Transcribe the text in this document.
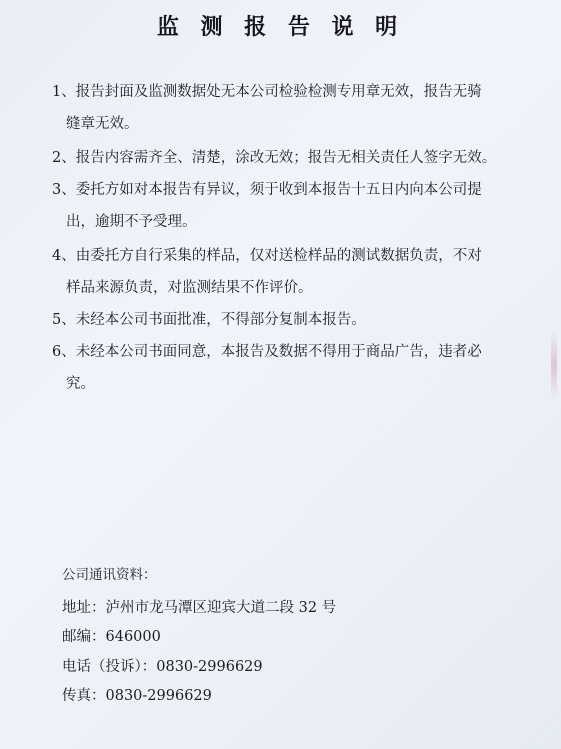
监 测 报 告 说 明
1、报告封面及监测数据处无本公司检验检测专用章无效，报告无骑
缝章无效。
2、报告内容需齐全、清楚，涂改无效；报告无相关责任人签字无效。
3、委托方如对本报告有异议，须于收到本报告十五日内向本公司提
出，逾期不予受理。
4、由委托方自行采集的样品，仅对送检样品的测试数据负责，不对
样品来源负责，对监测结果不作评价。
5、未经本公司书面批准，不得部分复制本报告。
6、未经本公司书面同意，本报告及数据不得用于商品广告，违者必
究。
公司通讯资料：
地址：泸州市龙马潭区迎宾大道二段 32 号
邮编：646000
电话（投诉）：0830-2996629
传真：0830-2996629
